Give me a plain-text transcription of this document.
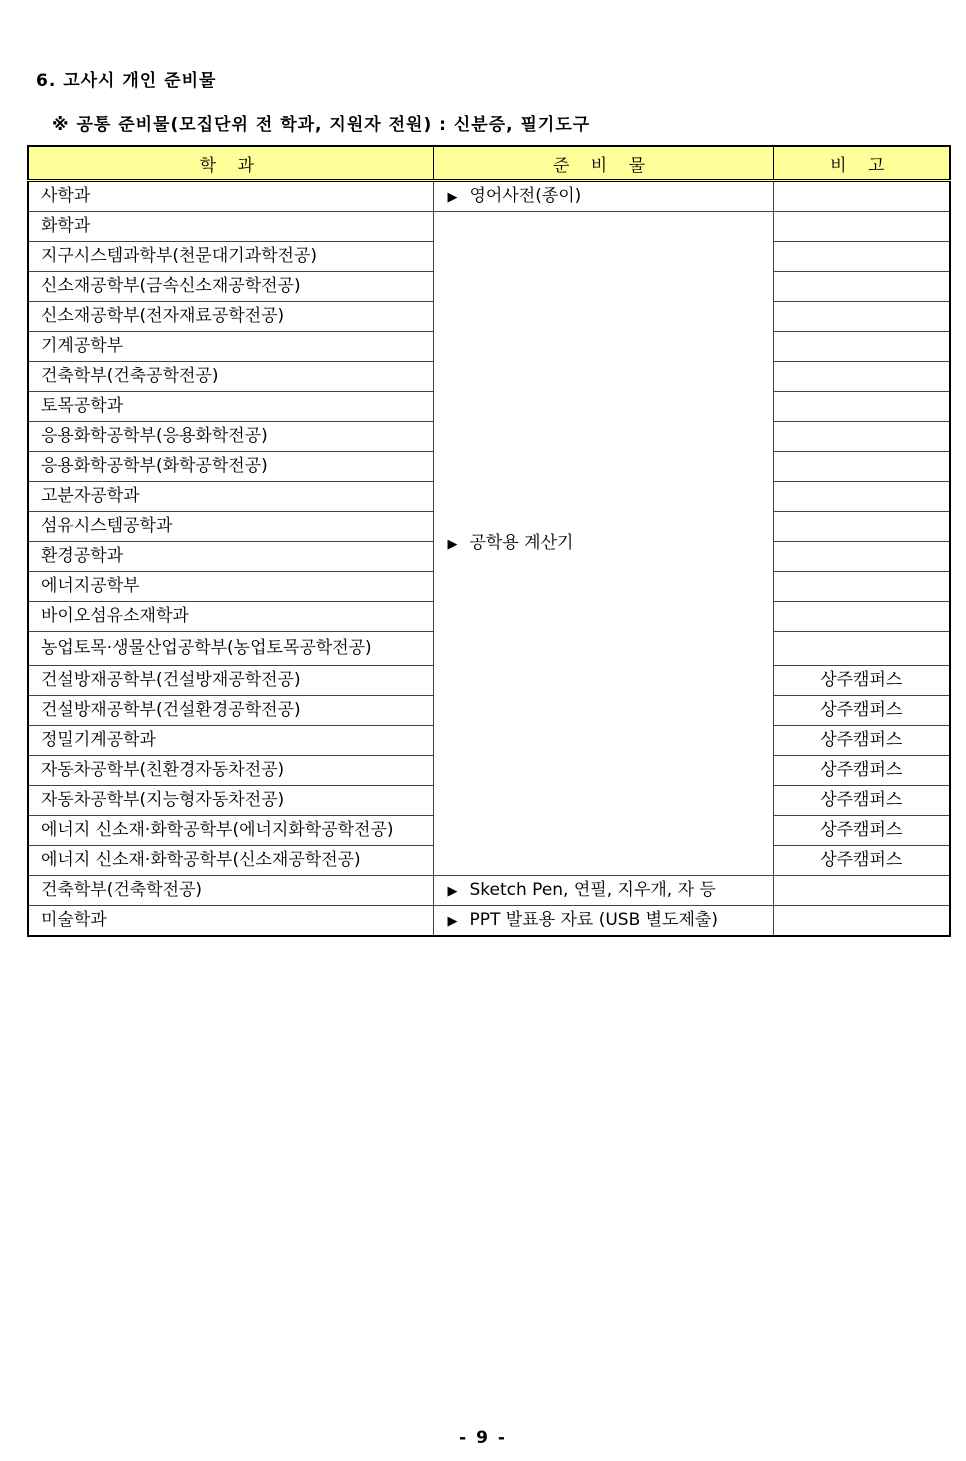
6. 고사시 개인 준비물
※ 공통 준비물(모집단위 전 학과, 지원자 전원) : 신분증, 필기도구
학 과	준 비 물	비 고
사학과	▶ 영어사전(종이)	
화학과	▶ 공학용 계산기	
지구시스템과학부(천문대기과학전공)		
신소재공학부(금속신소재공학전공)		
신소재공학부(전자재료공학전공)		
기계공학부		
건축학부(건축공학전공)		
토목공학과		
응용화학공학부(응용화학전공)		
응용화학공학부(화학공학전공)		
고분자공학과		
섬유시스템공학과		
환경공학과		
에너지공학부		
바이오섬유소재학과		
농업토목·생물산업공학부(농업토목공학전공)		
건설방재공학부(건설방재공학전공)		상주캠퍼스
건설방재공학부(건설환경공학전공)		상주캠퍼스
정밀기계공학과		상주캠퍼스
자동차공학부(친환경자동차전공)		상주캠퍼스
자동차공학부(지능형자동차전공)		상주캠퍼스
에너지 신소재·화학공학부(에너지화학공학전공)		상주캠퍼스
에너지 신소재·화학공학부(신소재공학전공)		상주캠퍼스
건축학부(건축학전공)	▶ Sketch Pen, 연필, 지우개, 자 등	
미술학과	▶ PPT 발표용 자료 (USB 별도제출)	
- 9 -
